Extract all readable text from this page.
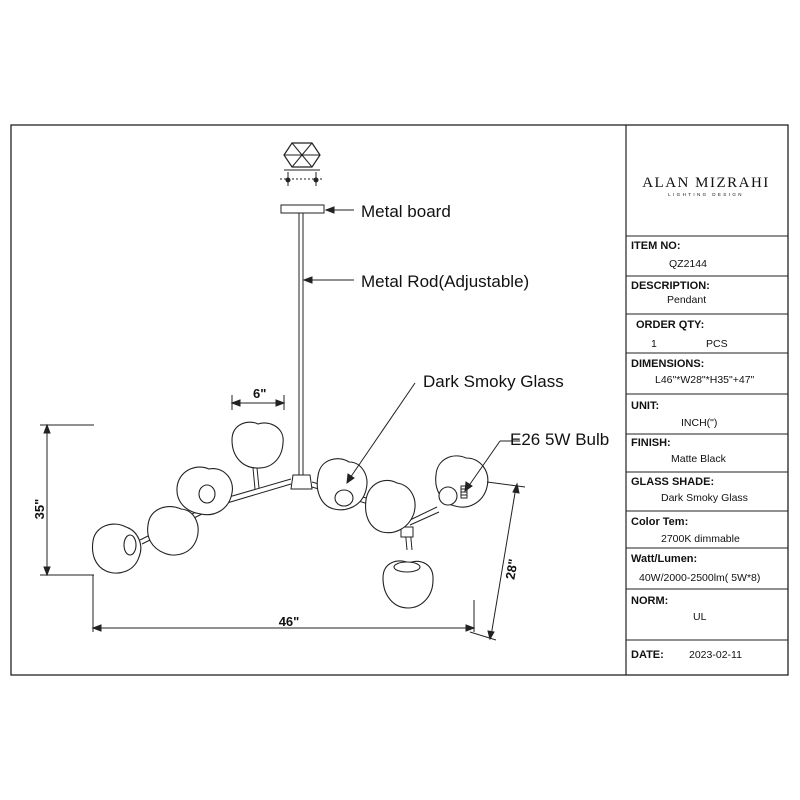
ALAN MIZRAHI
LIGHTING DESIGN
ITEM NO:
QZ2144
DESCRIPTION:
Pendant
ORDER QTY:
1	PCS
DIMENSIONS:
L46"*W28"*H35"+47"
UNIT:
INCH(")
FINISH:
Matte Black
GLASS SHADE:
Dark Smoky Glass
Color Tem:
2700K dimmable
Watt/Lumen:
40W/2000-2500lm( 5W*8)
NORM:
UL
DATE: 2023-02-11
Metal board
Metal Rod(Adjustable)
Dark Smoky Glass
E26 5W Bulb
6"
35"
46"
28"
